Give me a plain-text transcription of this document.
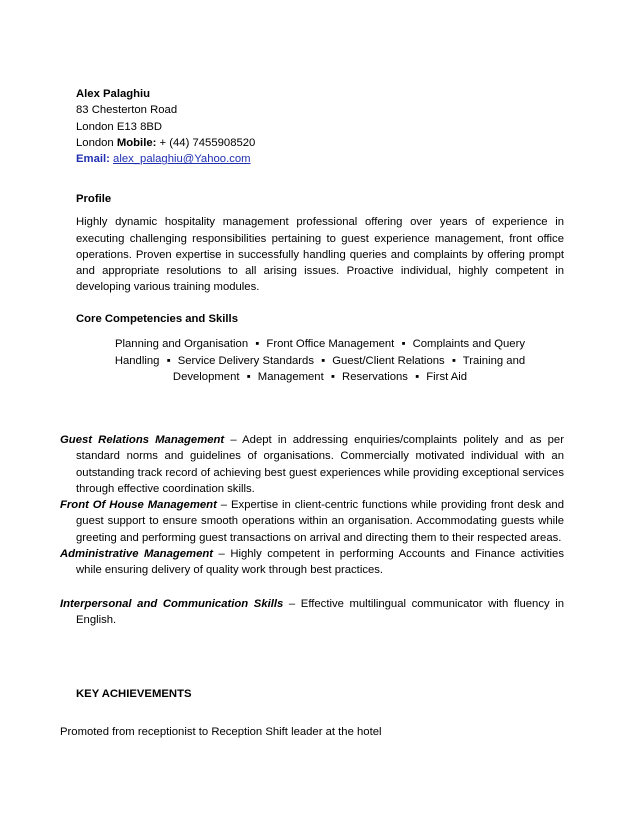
Alex Palaghiu
83 Chesterton Road
London E13 8BD
London Mobile: + (44) 7455908520
Email: alex_palaghiu@Yahoo.com
Profile
Highly dynamic hospitality management professional offering over years of experience in executing challenging responsibilities pertaining to guest experience management, front office operations. Proven expertise in successfully handling queries and complaints by offering prompt and appropriate resolutions to all arising issues. Proactive individual, highly competent in developing various training modules.
Core Competencies and Skills
Planning and Organisation ▪ Front Office Management ▪ Complaints and Query Handling ▪ Service Delivery Standards ▪ Guest/Client Relations ▪ Training and Development ▪ Management ▪ Reservations ▪ First Aid
Guest Relations Management – Adept in addressing enquiries/complaints politely and as per standard norms and guidelines of organisations. Commercially motivated individual with an outstanding track record of achieving best guest experiences while providing exceptional services through effective coordination skills.
Front Of House Management – Expertise in client-centric functions while providing front desk and guest support to ensure smooth operations within an organisation. Accommodating guests while greeting and performing guest transactions on arrival and directing them to their respected areas.
Administrative Management – Highly competent in performing Accounts and Finance activities while ensuring delivery of quality work through best practices.
Interpersonal and Communication Skills – Effective multilingual communicator with fluency in English.
KEY ACHIEVEMENTS
Promoted from receptionist to Reception Shift leader at the hotel
